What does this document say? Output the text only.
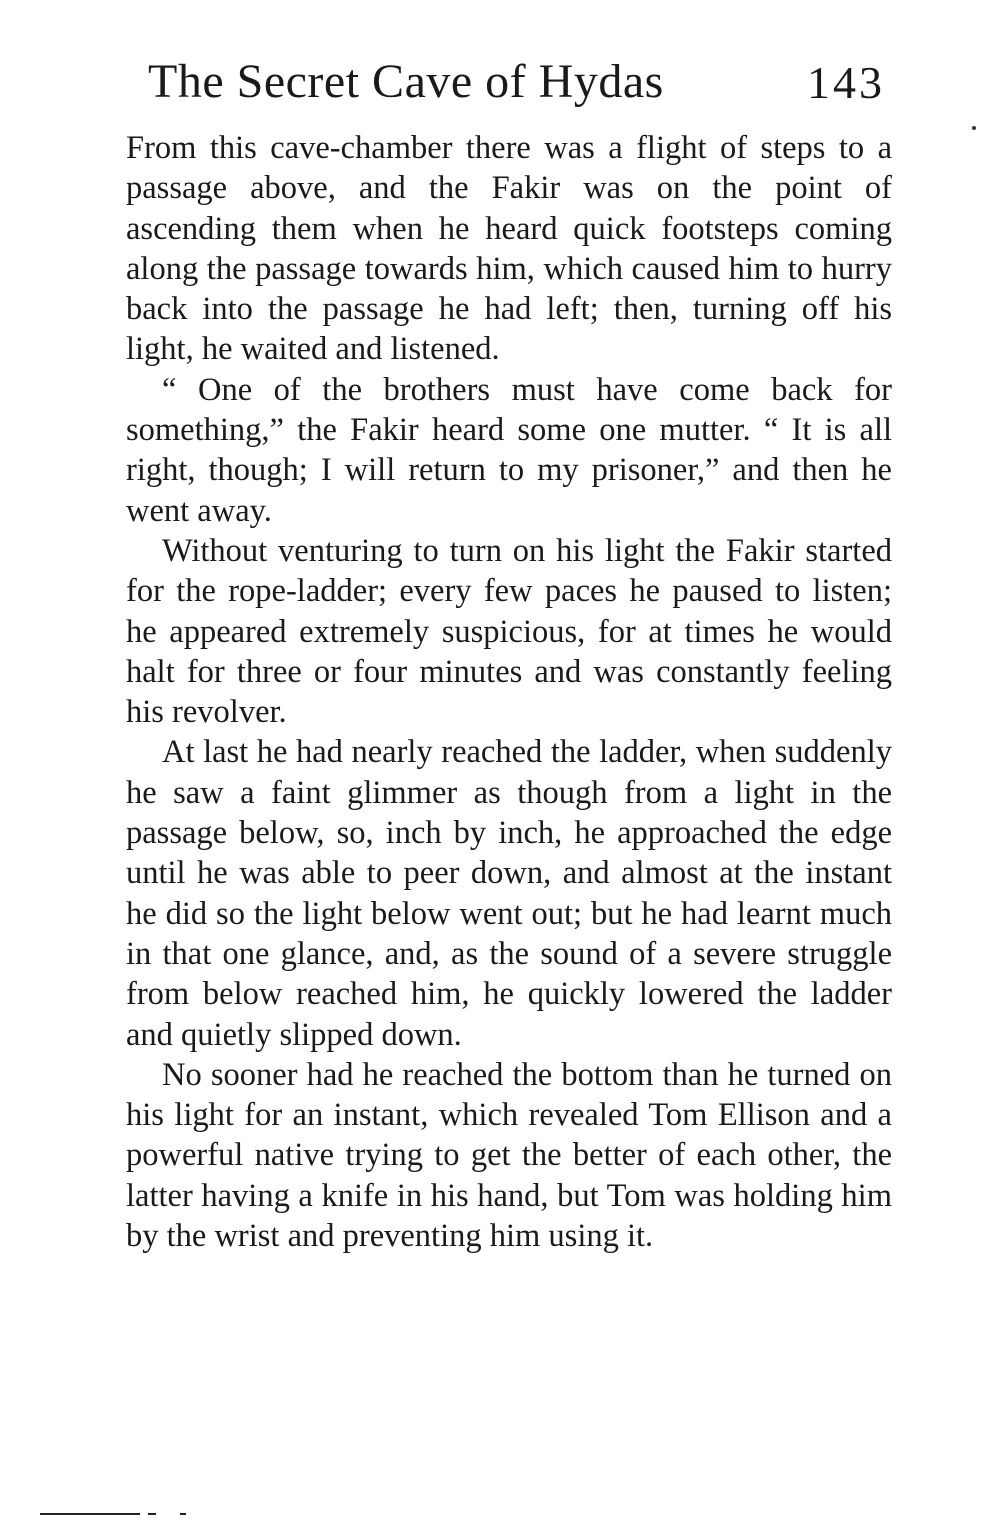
The Secret Cave of Hydas	143

From this cave-chamber there was a flight of steps to a passage above, and the Fakir was on the point of ascending them when he heard quick footsteps coming along the passage towards him, which caused him to hurry back into the passage he had left; then, turning off his light, he waited and listened.

“ One of the brothers must have come back for something,” the Fakir heard some one mutter. “ It is all right, though; I will return to my prisoner,” and then he went away.

Without venturing to turn on his light the Fakir started for the rope-ladder; every few paces he paused to listen; he appeared extremely suspicious, for at times he would halt for three or four minutes and was constantly feeling his revolver.

At last he had nearly reached the ladder, when suddenly he saw a faint glimmer as though from a light in the passage below, so, inch by inch, he approached the edge until he was able to peer down, and almost at the instant he did so the light below went out; but he had learnt much in that one glance, and, as the sound of a severe struggle from below reached him, he quickly lowered the ladder and quietly slipped down.

No sooner had he reached the bottom than he turned on his light for an instant, which revealed Tom Ellison and a powerful native trying to get the better of each other, the latter having a knife in his hand, but Tom was holding him by the wrist and preventing him using it.
